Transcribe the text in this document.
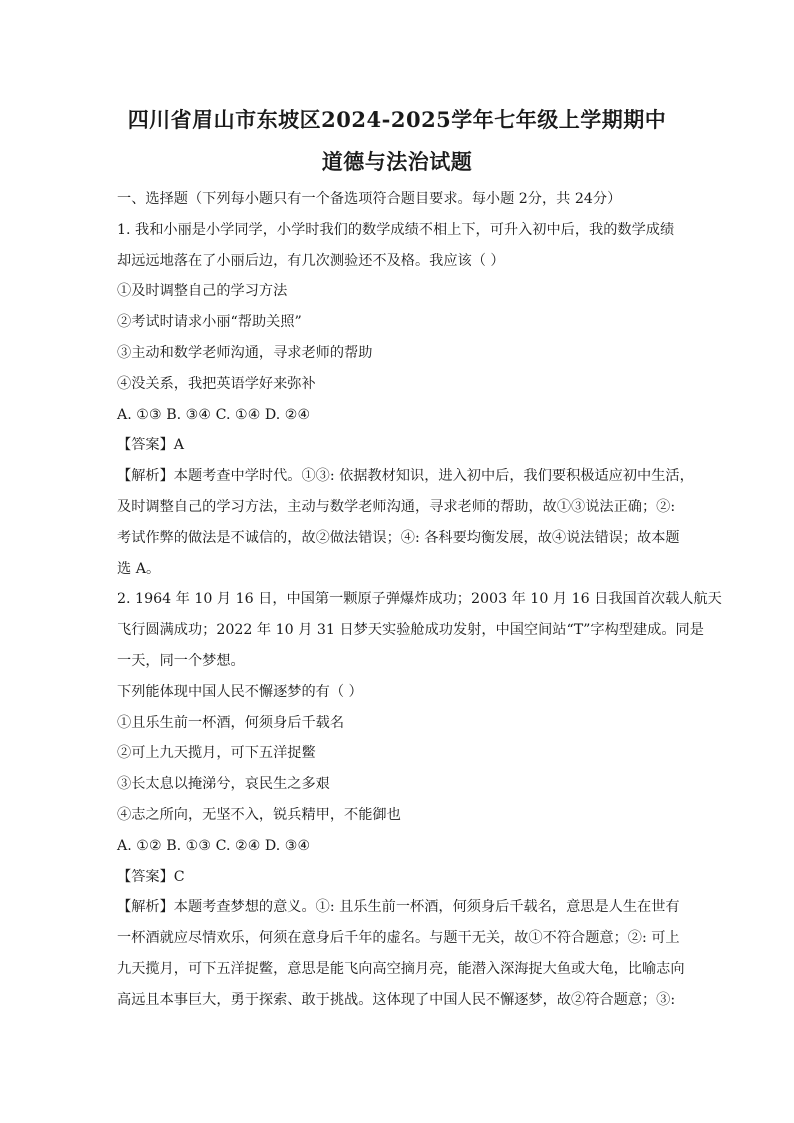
四川省眉山市东坡区2024-2025学年七年级上学期期中
道德与法治试题
一、选择题（下列每小题只有一个备选项符合题目要求。每小题 2分，共 24分）
1. 我和小丽是小学同学，小学时我们的数学成绩不相上下，可升入初中后，我的数学成绩
却远远地落在了小丽后边，有几次测验还不及格。我应该（ ）
①及时调整自己的学习方法
②考试时请求小丽“帮助关照”
③主动和数学老师沟通，寻求老师的帮助
④没关系，我把英语学好来弥补
A. ①③ B. ③④ C. ①④ D. ②④
【答案】A
【解析】本题考查中学时代。①③: 依据教材知识，进入初中后，我们要积极适应初中生活，
及时调整自己的学习方法，主动与数学老师沟通，寻求老师的帮助，故①③说法正确；②:
考试作弊的做法是不诚信的，故②做法错误；④: 各科要均衡发展，故④说法错误；故本题
选 A。
2. 1964 年 10 月 16 日，中国第一颗原子弹爆炸成功；2003 年 10 月 16 日我国首次载人航天
飞行圆满成功；2022 年 10 月 31 日梦天实验舱成功发射，中国空间站“T”字构型建成。同是
一天，同一个梦想。
下列能体现中国人民不懈逐梦的有（ ）
①且乐生前一杯酒，何须身后千载名
②可上九天揽月，可下五洋捉鳖
③长太息以掩涕兮，哀民生之多艰
④志之所向，无坚不入，锐兵精甲，不能御也
A. ①② B. ①③ C. ②④ D. ③④
【答案】C
【解析】本题考查梦想的意义。①: 且乐生前一杯酒，何须身后千载名，意思是人生在世有
一杯酒就应尽情欢乐，何须在意身后千年的虚名。与题干无关，故①不符合题意；②: 可上
九天揽月，可下五洋捉鳖，意思是能飞向高空摘月亮，能潜入深海捉大鱼或大龟，比喻志向
高远且本事巨大，勇于探索、敢于挑战。这体现了中国人民不懈逐梦，故②符合题意；③:
